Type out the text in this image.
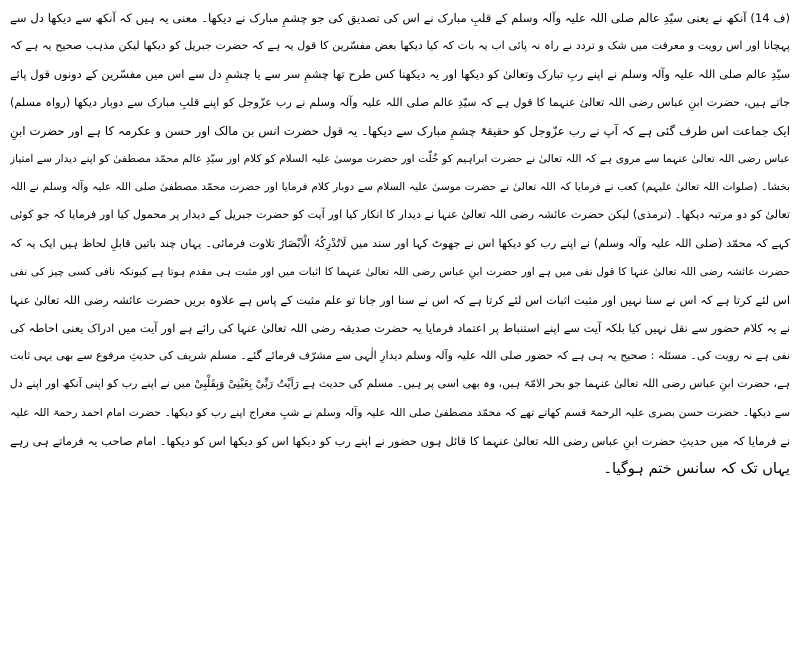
(ف 14) آنکھ نے یعنی سیّدِ عالم صلی اللہ علیہ وآلہ وسلم کے قلبِ مبارک نے اس کی تصدیق کی جو چشمِ مبارک نے دیکھا۔ معنی یہ ہیں کہ آنکھ سے دیکھا دل سے
پہچانا اور اس رویت و معرفت میں شک و تردد نے راہ نہ پائی اب یہ بات کہ کیا دیکھا بعض مفسّرین کا قول یہ ہے کہ حضرت جبریل کو دیکھا لیکن مذہب صحیح یہ ہے کہ
سیّدِ عالم صلی اللہ علیہ وآلہ وسلم نے اپنے ربِ تبارک وتعالیٰ کو دیکھا اور یہ دیکھنا کس طرح تھا چشمِ سر سے یا چشمِ دل سے اس میں مفسّرین کے دونوں قول پائے
جاتے ہیں، حضرت ابنِ عباس رضی اللہ تعالیٰ عنہما کا قول ہے کہ سیّدِ عالم صلی اللہ علیہ وآلہ وسلم نے رب عزّوجل کو اپنے قلبِ مبارک سے دوبار دیکھا (رواہ مسلم)
ایک جماعت اس طرف گئی ہے کہ آپ نے رب عزّوجل کو حقیقۃً چشمِ مبارک سے دیکھا۔ یہ قول حضرت انس بن مالک اور حسن و عکرمہ کا ہے اور حضرت ابنِ
عباس رضی اللہ تعالیٰ عنہما سے مروی ہے کہ اللہ تعالیٰ نے حضرت ابراہیم کو خُلّت اور حضرت موسیٰ علیہ السلام کو کلام اور سیّدِ عالم محمّد مصطفیٰ کو اپنے دیدار سے امتیاز
بخشا۔ (صلوات اللہ تعالیٰ علیہم) کعب نے فرمایا کہ اللہ تعالیٰ نے حضرت موسیٰ علیہ السلام سے دوبار کلام فرمایا اور حضرت محمّد مصطفیٰ صلی اللہ علیہ وآلہ وسلم نے اللہ
تعالیٰ کو دو مرتبہ دیکھا۔ (ترمذی) لیکن حضرت عائشہ رضی اللہ تعالیٰ عنہا نے دیدار کا انکار کیا اور آیت کو حضرت جبریل کے دیدار پر محمول کیا اور فرمایا کہ جو کوئی
کہے کہ محمّد (صلی اللہ علیہ وآلہ وسلم) نے اپنے رب کو دیکھا اس نے جھوٹ کہا اور سند میں لَاتُدْرِکُہُ الْاَبْصَارُ تلاوت فرمائی۔ یہاں چند باتیں قابلِ لحاظ ہیں ایک یہ کہ
حضرت عائشہ رضی اللہ تعالیٰ عنہا کا قول نفی میں ہے اور حضرت ابنِ عباس رضی اللہ تعالیٰ عنہما کا اثبات میں اور مثبت ہی مقدم ہوتا ہے کیونکہ نافی کسی چیز کی نفی
اس لئے کرتا ہے کہ اس نے سنا نہیں اور مثبت اثبات اس لئے کرتا ہے کہ اس نے سنا اور جانا تو علم مثبت کے پاس ہے علاوہ بریں حضرت عائشہ رضی اللہ تعالیٰ عنہا
نے یہ کلام حضور سے نقل نہیں کیا بلکہ آیت سے اپنے استنباط پر اعتماد فرمایا یہ حضرت صدیقہ رضی اللہ تعالیٰ عنہا کی رائے ہے اور آیت میں ادراک یعنی احاطہ کی
نفی ہے نہ رویت کی۔ مسئلہ : صحیح یہ ہی ہے کہ حضور صلی اللہ علیہ وآلہ وسلم دیدارِ الٰہی سے مشرّف فرمائے گئے۔ مسلم شریف کی حدیثِ مرفوع سے بھی یہی ثابت
ہے، حضرت ابنِ عباس رضی اللہ تعالیٰ عنہما جو بحر الامّۃ ہیں، وہ بھی اسی پر ہیں۔ مسلم کی حدیث ہے رَاَیْتُ رَبِّیْ بِعَیْنِیْ وَبِقَلْبِیْ میں نے اپنے رب کو اپنی آنکھ اور اپنے دل
سے دیکھا۔ حضرت حسن بصری علیہ الرحمۃ قسم کھاتے تھے کہ محمّد مصطفیٰ صلی اللہ علیہ وآلہ وسلم نے شبِ معراج اپنے رب کو دیکھا۔ حضرت امام احمد رحمۃ اللہ علیہ
نے فرمایا کہ میں حدیثِ حضرت ابنِ عباس رضی اللہ تعالیٰ عنہما کا قائل ہوں حضور نے اپنے رب کو دیکھا اس کو دیکھا اس کو دیکھا۔ امام صاحب یہ فرماتے ہی رہے
یہاں تک کہ سانس ختم ہوگیا۔
